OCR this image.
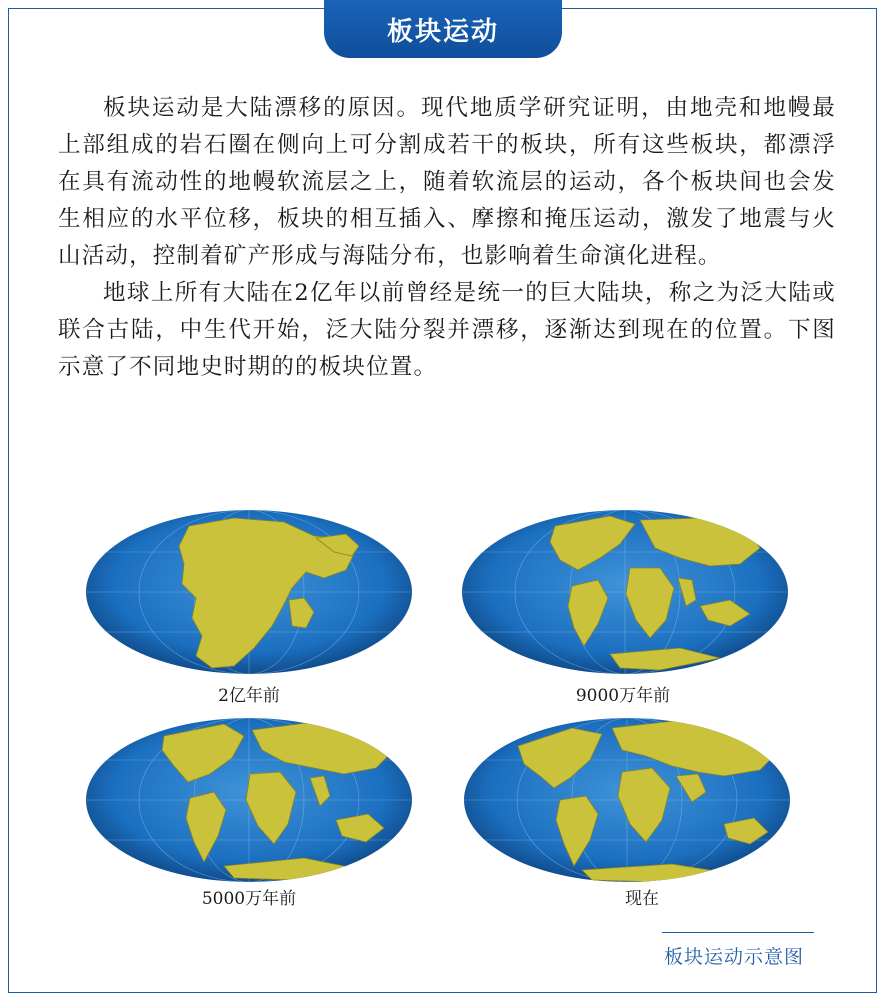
板块运动

板块运动是大陆漂移的原因。现代地质学研究证明，由地壳和地幔最上部组成的岩石圈在侧向上可分割成若干的板块，所有这些板块，都漂浮在具有流动性的地幔软流层之上，随着软流层的运动，各个板块间也会发生相应的水平位移，板块的相互插入、摩擦和掩压运动，激发了地震与火山活动，控制着矿产形成与海陆分布，也影响着生命演化进程。

地球上所有大陆在2亿年以前曾经是统一的巨大陆块，称之为泛大陆或联合古陆，中生代开始，泛大陆分裂并漂移，逐渐达到现在的位置。下图示意了不同地史时期的的板块位置。

2亿年前	9000万年前
5000万年前	现在
板块运动示意图
